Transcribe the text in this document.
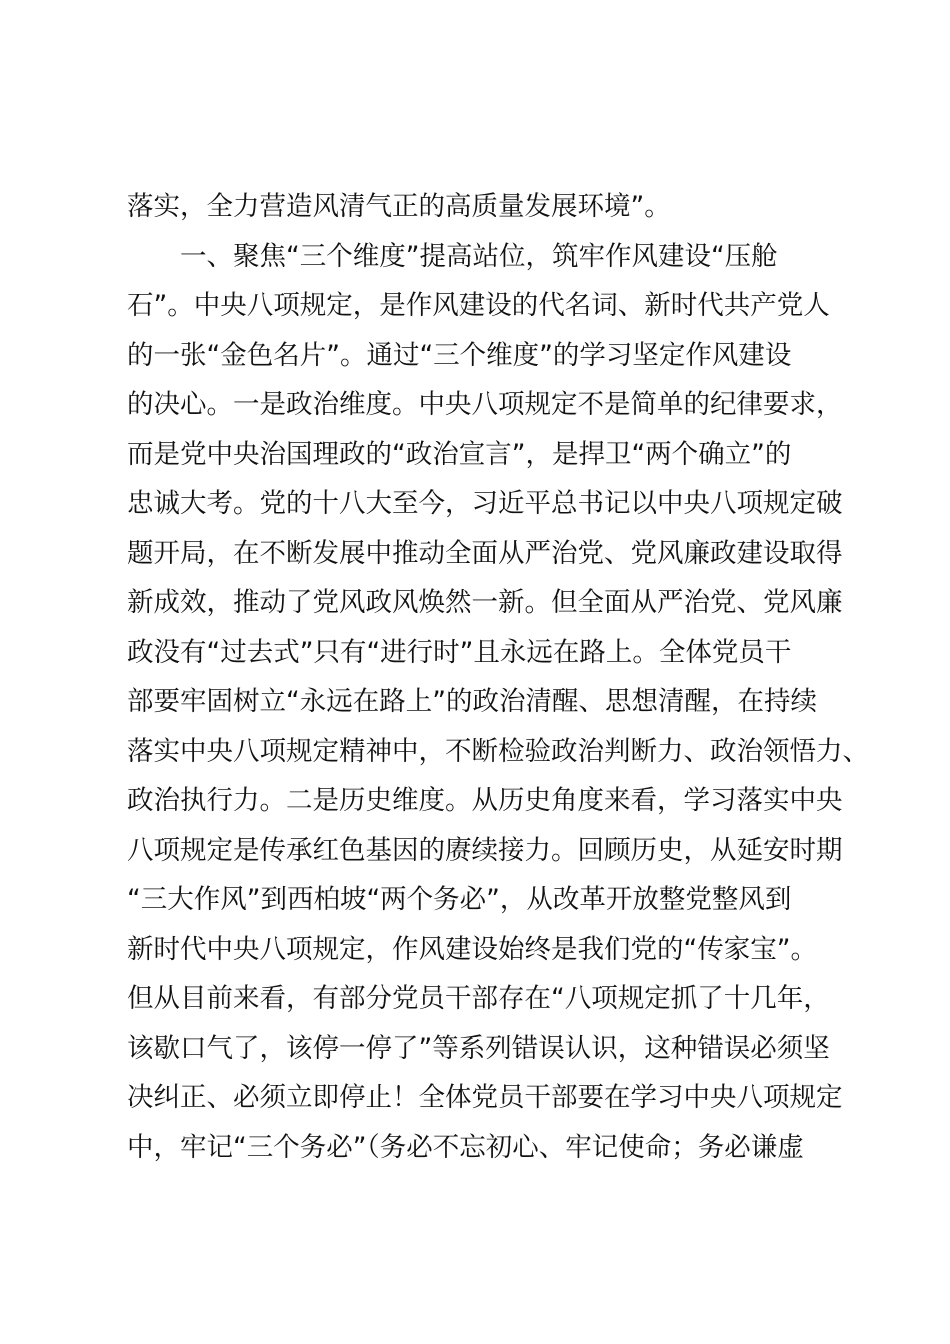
落实，全力营造风清气正的高质量发展环境”。
一、聚焦“三个维度”提高站位，筑牢作风建设“压舱
石”。中央八项规定，是作风建设的代名词、新时代共产党人
的一张“金色名片”。通过“三个维度”的学习坚定作风建设
的决心。一是政治维度。中央八项规定不是简单的纪律要求，
而是党中央治国理政的“政治宣言”，是捍卫“两个确立”的
忠诚大考。党的十八大至今，习近平总书记以中央八项规定破
题开局，在不断发展中推动全面从严治党、党风廉政建设取得
新成效，推动了党风政风焕然一新。但全面从严治党、党风廉
政没有“过去式”只有“进行时”且永远在路上。全体党员干
部要牢固树立“永远在路上”的政治清醒、思想清醒，在持续
落实中央八项规定精神中，不断检验政治判断力、政治领悟力、
政治执行力。二是历史维度。从历史角度来看，学习落实中央
八项规定是传承红色基因的赓续接力。回顾历史，从延安时期
“三大作风”到西柏坡“两个务必”，从改革开放整党整风到
新时代中央八项规定，作风建设始终是我们党的“传家宝”。
但从目前来看，有部分党员干部存在“八项规定抓了十几年，
该歇口气了，该停一停了”等系列错误认识，这种错误必须坚
决纠正、必须立即停止！全体党员干部要在学习中央八项规定
中，牢记“三个务必”（务必不忘初心、牢记使命；务必谦虚
